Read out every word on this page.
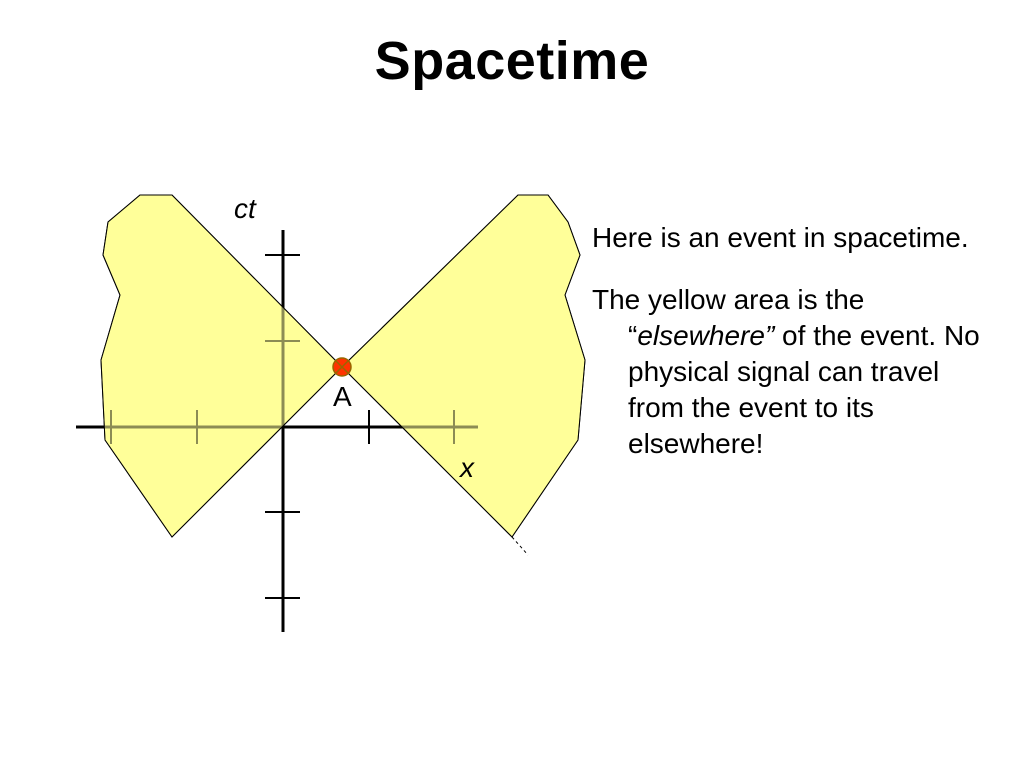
Spacetime
ct
x
A

Here is an event in spacetime.

The yellow area is the “elsewhere” of the event. No physical signal can travel from the event to its elsewhere!
